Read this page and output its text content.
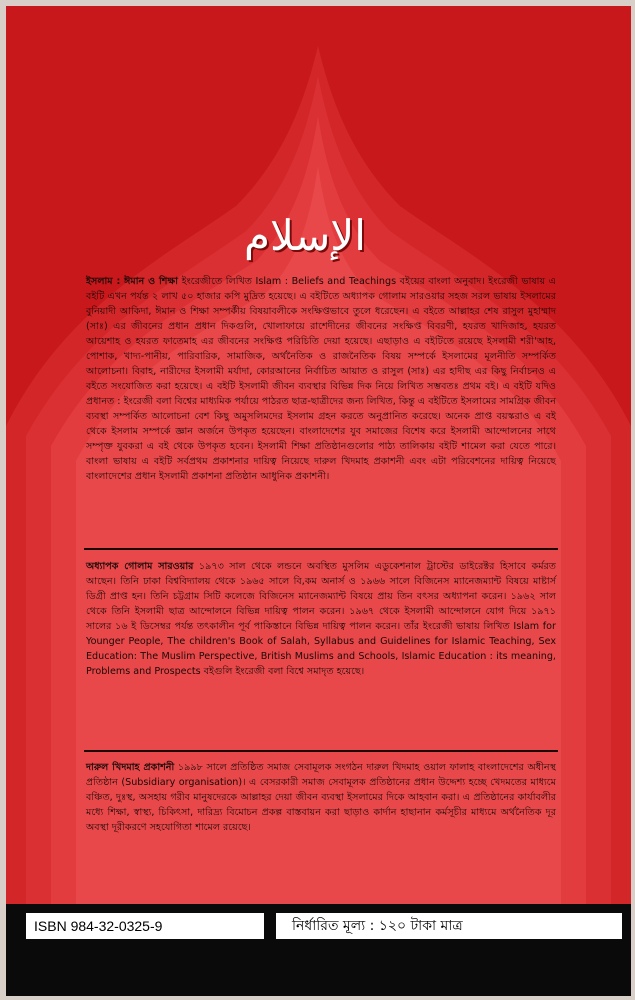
الإسلام
ইসলাম : ঈমান ও শিক্ষা ইংরেজীতে লিখিত Islam : Beliefs and Teachings বইয়ের বাংলা অনুবাদ। ইংরেজী ভাষায় এ বইটি এখন পর্যন্ত ২ লাখ ৫০ হাজার কপি মুদ্রিত হয়েছে। এ বইটিতে অধ্যাপক গোলাম সারওয়ার সহজ সরল ভাষায় ইসলামের বুনিয়াদী আকিদা, ঈমান ও শিক্ষা সম্পর্কীয় বিষয়াবলীকে সংক্ষিপ্তভাবে তুলে ধরেছেন। এ বইতে আল্লাহর শেষ রাসুল মুহাম্মাদ (সাঃ) এর জীবনের প্রধান প্রধান দিকগুলি, খোলাফায়ে রাশেদীনের জীবনের সংক্ষিপ্ত বিবরণী, হযরত খাদিজাহ, হযরত আয়েশাহ ও হযরত ফাতেমাহ এর জীবনের সংক্ষিপ্ত পরিচিতি দেয়া হয়েছে। এছাড়াও এ বইটিতে রয়েছে ইসলামী শরী'আহ, পোশাক, খাদ্য-পানীয়, পারিবারিক, সামাজিক, অর্থনৈতিক ও রাজনৈতিক বিষয় সম্পর্কে ইসলামের মূলনীতি সম্পর্কিত আলোচনা। বিবাহ, নারীদের ইসলামী মর্যাদা, কোরআনের নির্বাচিত আয়াত ও রাসুল (সাঃ) এর হাদীছ এর কিছু নির্বাচনও এ বইতে সংযোজিত করা হয়েছে। এ বইটি ইসলামী জীবন ব্যবস্থার বিভিন্ন দিক নিয়ে লিখিত সম্ভবতঃ প্রথম বই। এ বইটি যদিও প্রধানত : ইংরেজী বলা বিশ্বের মাধ্যমিক পর্যায়ে পাঠরত ছাত্র-ছাত্রীদের জন্য লিখিত, কিন্তু এ বইটিতে ইসলামের সামগ্রিক জীবন ব্যবস্থা সম্পর্কিত আলোচনা বেশ কিছু অমুসলিমদের ইসলাম গ্রহন করতে অনুপ্রানিত করেছে। অনেক প্রাপ্ত বয়স্করাও এ বই থেকে ইসলাম সম্পর্কে জ্ঞান অর্জনে উপকৃত হয়েছেন। বাংলাদেশের যুব সমাজের বিশেষ করে ইসলামী আন্দোলনের সাথে সম্পৃক্ত যুবকরা এ বই থেকে উপকৃত হবেন। ইসলামী শিক্ষা প্রতিষ্ঠানগুলোর পাঠ্য তালিকায় বইটি শামেল করা যেতে পারে। বাংলা ভাষায় এ বইটি সর্বপ্রথম প্রকাশনার দায়িত্ব নিয়েছে দারুল খিদমাহ প্রকাশনী এবং এটা পরিবেশনের দায়িত্ব নিয়েছে বাংলাদেশের প্রধান ইসলামী প্রকাশনা প্রতিষ্ঠান আধুনিক প্রকাশনী।
অধ্যাপক গোলাম সারওয়ার ১৯৭৩ সাল থেকে লন্ডনে অবস্থিত মুসলিম এডুকেশনাল ট্রাস্টের ডাইরেক্টর হিসাবে কর্মরত আছেন। তিনি ঢাকা বিশ্ববিদ্যালয় থেকে ১৯৬৫ সালে বি,কম অনার্স ও ১৯৬৬ সালে বিজিনেস ম্যানেজম্যান্ট বিষয়ে মাষ্টার্স ডিগ্রী প্রাপ্ত হন। তিনি চট্টগ্রাম সিটি কলেজে বিজিনেস ম্যানেজম্যান্ট বিষয়ে প্রায় তিন বৎসর অধ্যাপনা করেন। ১৯৬২ সাল থেকে তিনি ইসলামী ছাত্র আন্দোলনে বিভিন্ন দায়িত্ব পালন করেন। ১৯৬৭ থেকে ইসলামী আন্দোলনে যোগ দিয়ে ১৯৭১ সালের ১৬ ই ডিসেম্বর পর্যন্ত তৎকালীন পূর্ব পাকিস্তানে বিভিন্ন দায়িত্ব পালন করেন। তাঁর ইংরেজী ভাষায় লিখিত Islam for Younger People, The children's Book of Salah, Syllabus and Guidelines for Islamic Teaching, Sex Education: The Muslim Perspective, British Muslims and Schools, Islamic Education : its meaning, Problems and Prospects বইগুলি ইংরেজী বলা বিশ্বে সমাদৃত হয়েছে।
দারুল খিদমাহ প্রকাশনী ১৯৯৮ সালে প্রতিষ্ঠিত সমাজ সেবামূলক সংগঠন দারুল খিদমাহ ওয়াল ফালাহ বাংলাদেশের অধীনস্থ প্রতিষ্ঠান (Subsidiary organisation)। এ বেসরকারী সমাজ সেবামূলক প্রতিষ্ঠানের প্রধান উদ্দেশ্য হচ্ছে খেদমতের মাধ্যমে বঞ্চিত, দুঃস্থ, অসহায় গরীব মানুষদেরকে আল্লাহর দেয়া জীবন ব্যবস্থা ইসলামের দিকে আহবান করা। এ প্রতিষ্ঠানের কার্যাবলীর মধ্যে শিক্ষা, স্বাস্থ্য, চিকিৎসা, দারিদ্র্য বিমোচন প্রকল্প বাস্তবায়ন করা ছাড়াও কার্দান হাছানান কর্মসূচীর মাধ্যমে অর্থনৈতিক দূর অবস্থা দূরীকরণে সহযোগিতা শামেল রয়েছে।
ISBN 984-32-0325-9	নির্ধারিত মূল্য : ১২০ টাকা মাত্র
